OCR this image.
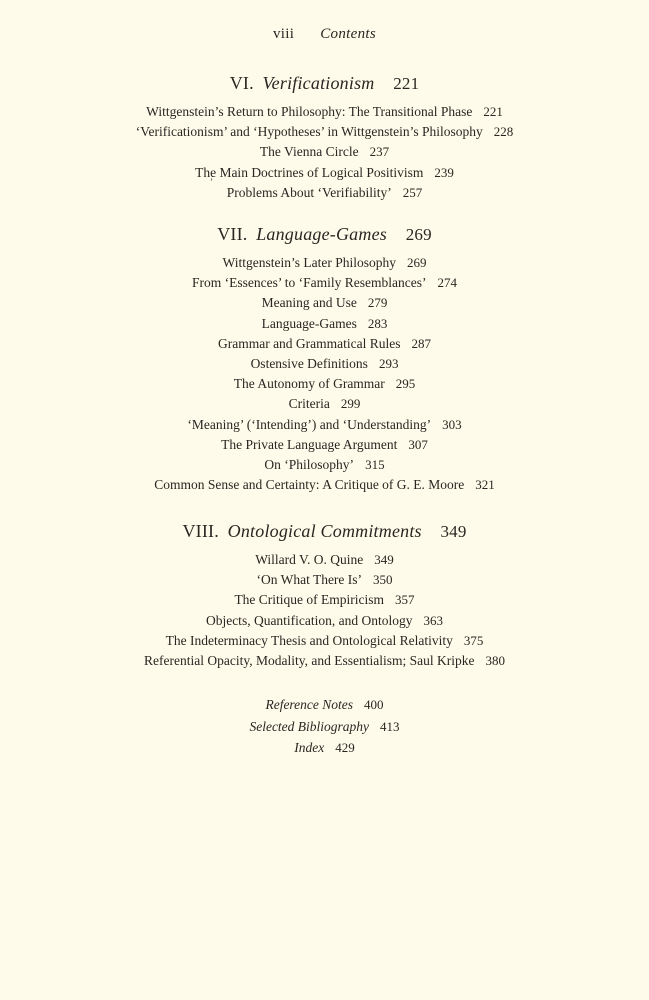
viii Contents
VI. Verificationism 221
Wittgenstein’s Return to Philosophy: The Transitional Phase 221
‘Verificationism’ and ‘Hypotheses’ in Wittgenstein’s Philosophy 228
The Vienna Circle 237
The Main Doctrines of Logical Positivism 239
Problems About ‘Verifiability’ 257
ʼ
VII. Language-Games 269
Wittgenstein’s Later Philosophy 269
From ‘Essences’ to ‘Family Resemblances’ 274
Meaning and Use 279
Language-Games 283
Grammar and Grammatical Rules 287
Ostensive Definitions 293
The Autonomy of Grammar 295
Criteria 299
‘Meaning’ (‘Intending’) and ‘Understanding’ 303
The Private Language Argument 307
On ‘Philosophy’ 315
Common Sense and Certainty: A Critique of G. E. Moore 321
VIII. Ontological Commitments 349
Willard V. O. Quine 349
‘On What There Is’ 350
The Critique of Empiricism 357
Objects, Quantification, and Ontology 363
The Indeterminacy Thesis and Ontological Relativity 375
Referential Opacity, Modality, and Essentialism; Saul Kripke 380
Reference Notes 400
Selected Bibliography 413
Index 429
